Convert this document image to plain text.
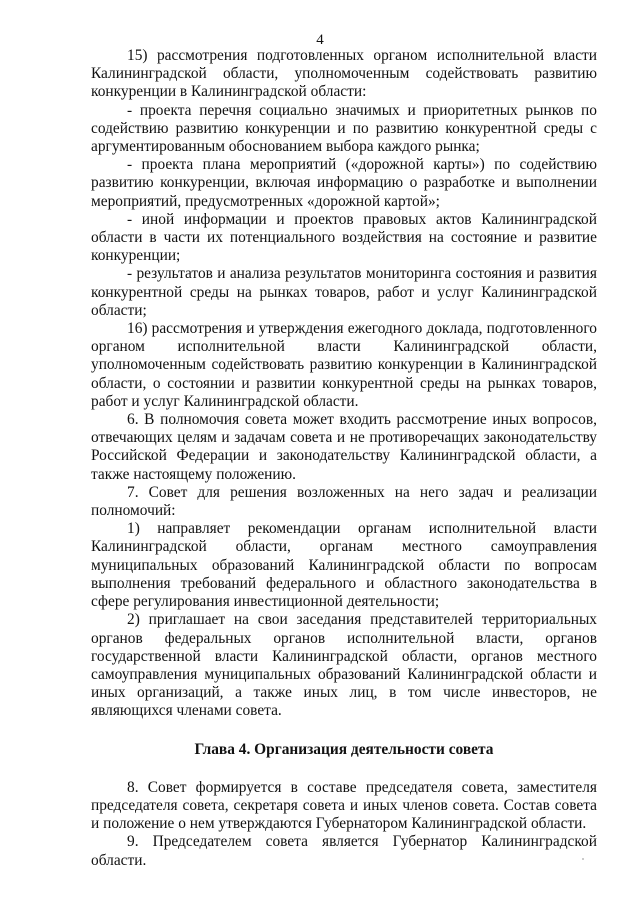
4

15) рассмотрения подготовленных органом исполнительной власти Калининградской области, уполномоченным содействовать развитию конкуренции в Калининградской области:

- проекта перечня социально значимых и приоритетных рынков по содействию развитию конкуренции и по развитию конкурентной среды с аргументированным обоснованием выбора каждого рынка;

- проекта плана мероприятий («дорожной карты») по содействию развитию конкуренции, включая информацию о разработке и выполнении мероприятий, предусмотренных «дорожной картой»;

- иной информации и проектов правовых актов Калининградской области в части их потенциального воздействия на состояние и развитие конкуренции;

- результатов и анализа результатов мониторинга состояния и развития конкурентной среды на рынках товаров, работ и услуг Калининградской области;

16) рассмотрения и утверждения ежегодного доклада, подготовленного органом исполнительной власти Калининградской области, уполномоченным содействовать развитию конкуренции в Калининградской области, о состоянии и развитии конкурентной среды на рынках товаров, работ и услуг Калининградской области.

6. В полномочия совета может входить рассмотрение иных вопросов, отвечающих целям и задачам совета и не противоречащих законодательству Российской Федерации и законодательству Калининградской области, а также настоящему положению.

7. Совет для решения возложенных на него задач и реализации полномочий:

1) направляет рекомендации органам исполнительной власти Калининградской области, органам местного самоуправления муниципальных образований Калининградской области по вопросам выполнения требований федерального и областного законодательства в сфере регулирования инвестиционной деятельности;

2) приглашает на свои заседания представителей территориальных органов федеральных органов исполнительной власти, органов государственной власти Калининградской области, органов местного самоуправления муниципальных образований Калининградской области и иных организаций, а также иных лиц, в том числе инвесторов, не являющихся членами совета.

Глава 4. Организация деятельности совета

8. Совет формируется в составе председателя совета, заместителя председателя совета, секретаря совета и иных членов совета. Состав совета и положение о нем утверждаются Губернатором Калининградской области.

9. Председателем совета является Губернатор Калининградской области.
